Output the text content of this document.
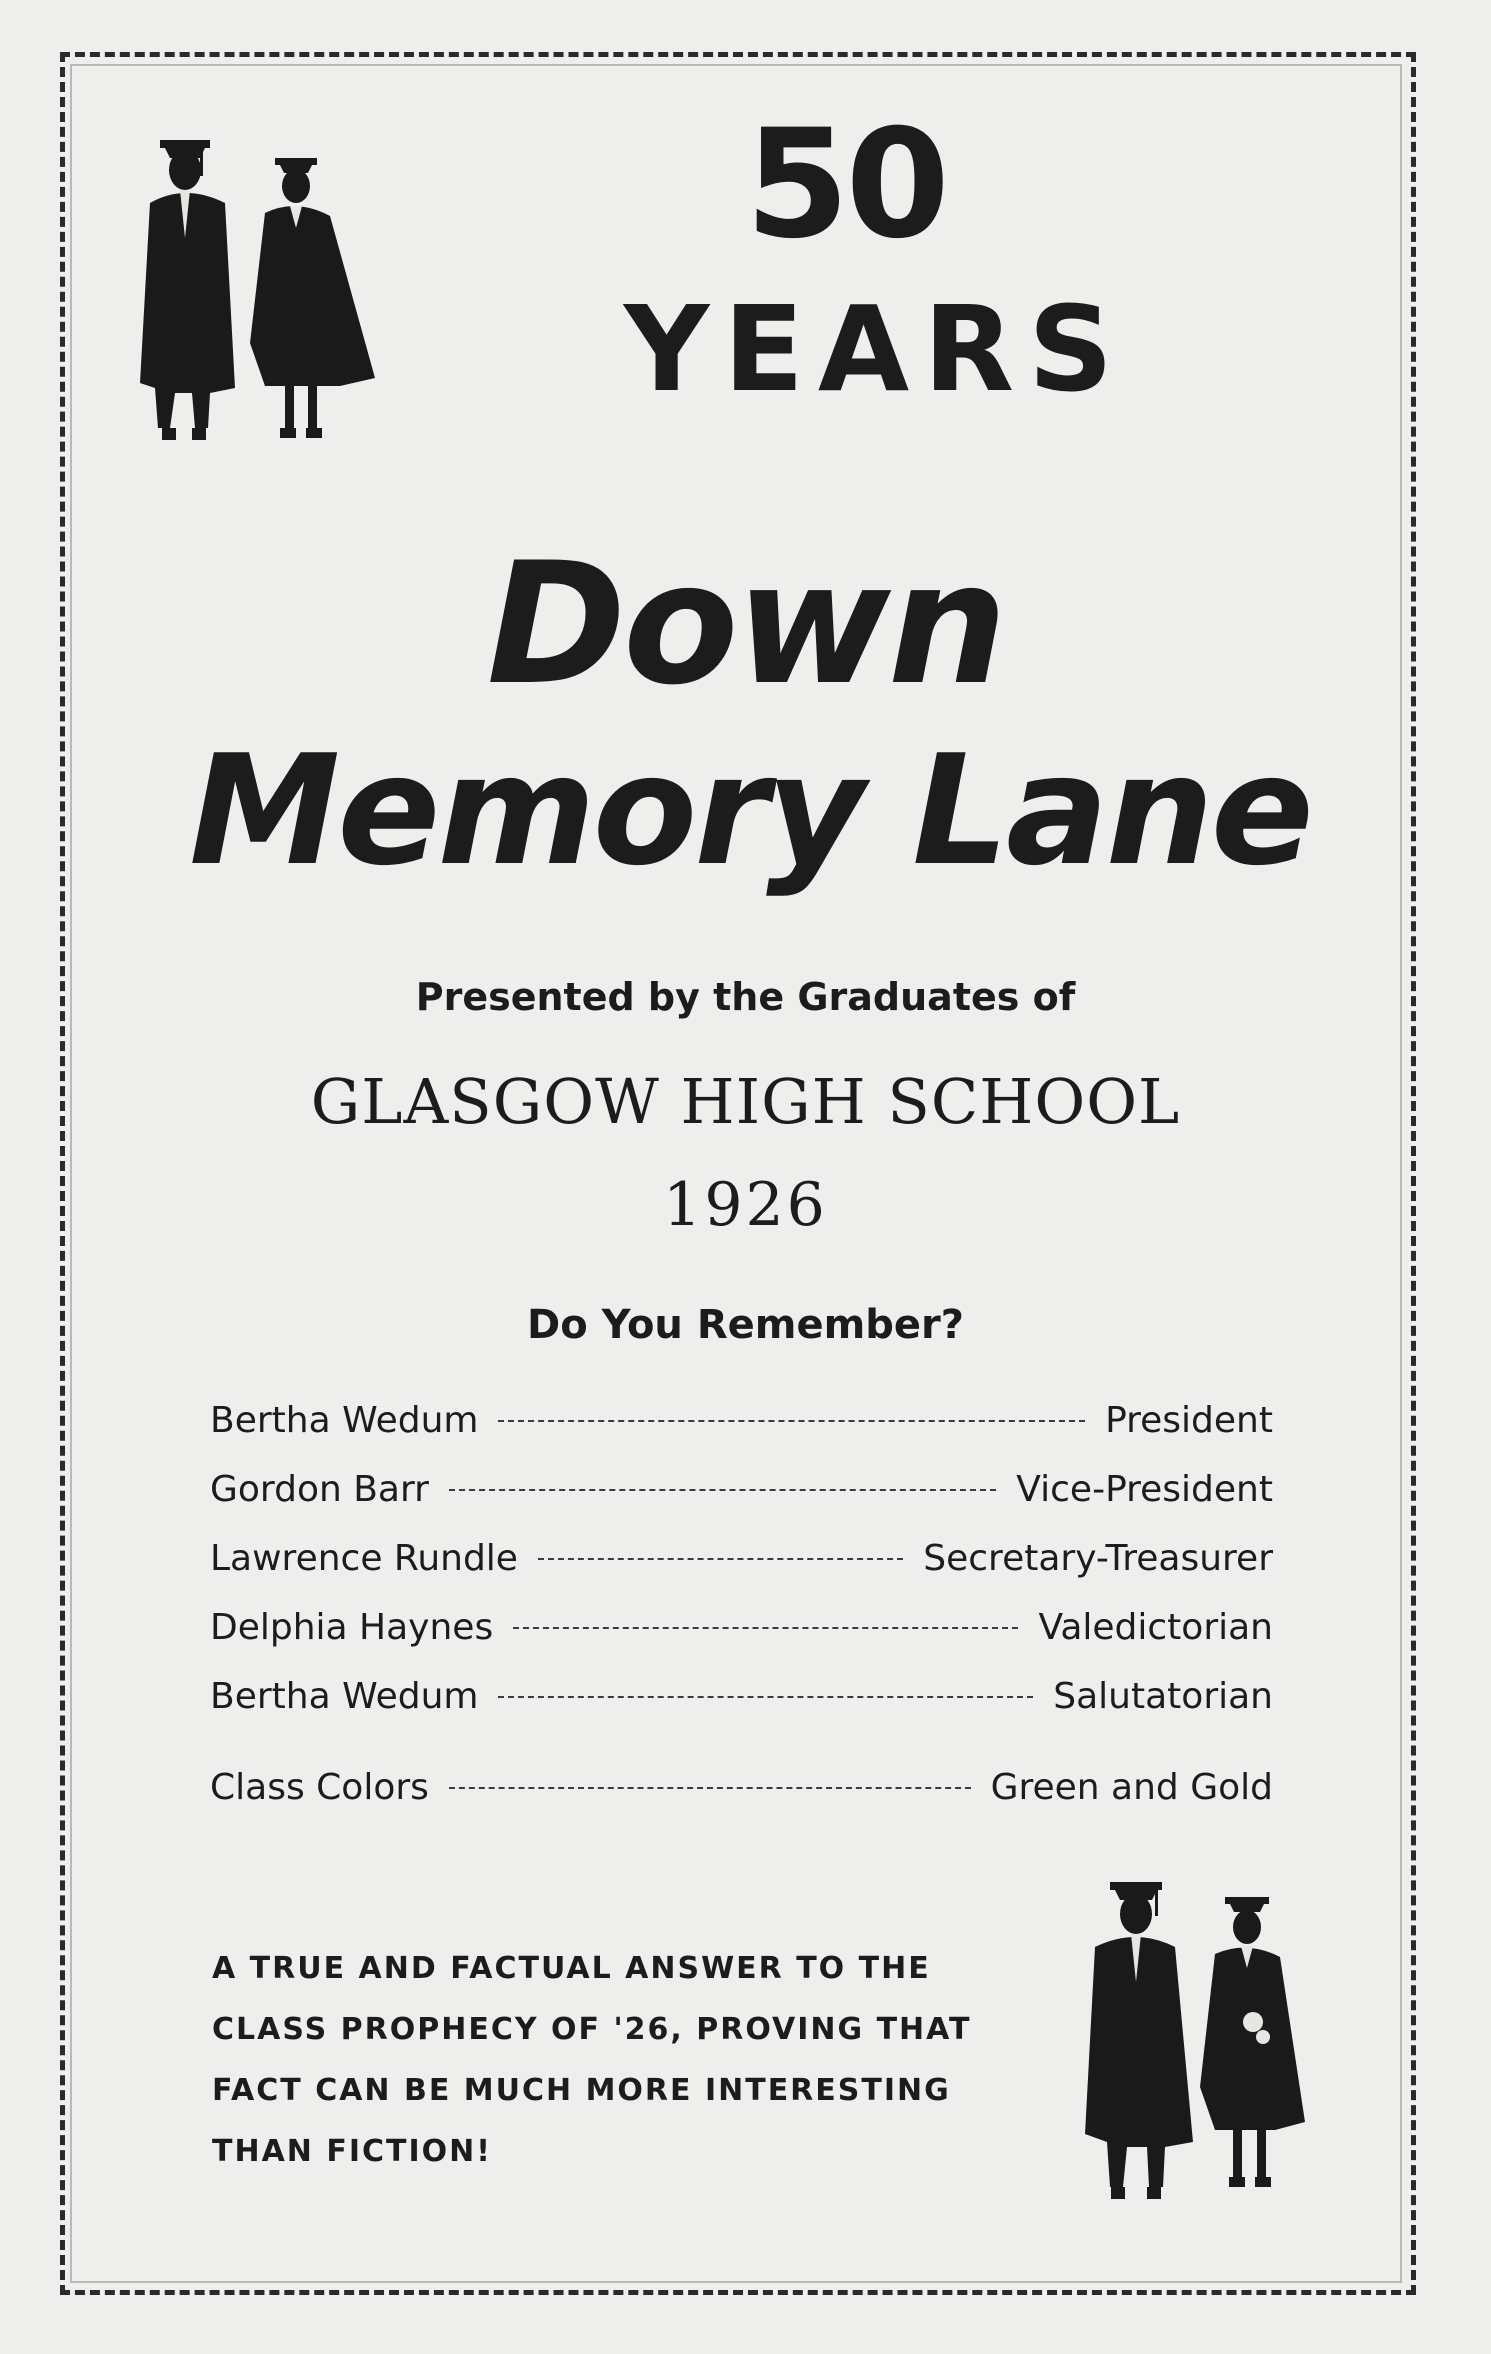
50
YEARS
Down
Memory Lane
Presented by the Graduates of
GLASGOW HIGH SCHOOL
1926
Do You Remember?
Bertha Wedum	President
Gordon Barr	Vice-President
Lawrence Rundle	Secretary-Treasurer
Delphia Haynes	Valedictorian
Bertha Wedum	Salutatorian
Class Colors	Green and Gold
A TRUE AND FACTUAL ANSWER TO THE
CLASS PROPHECY OF '26, PROVING THAT
FACT CAN BE MUCH MORE INTERESTING
THAN FICTION!
